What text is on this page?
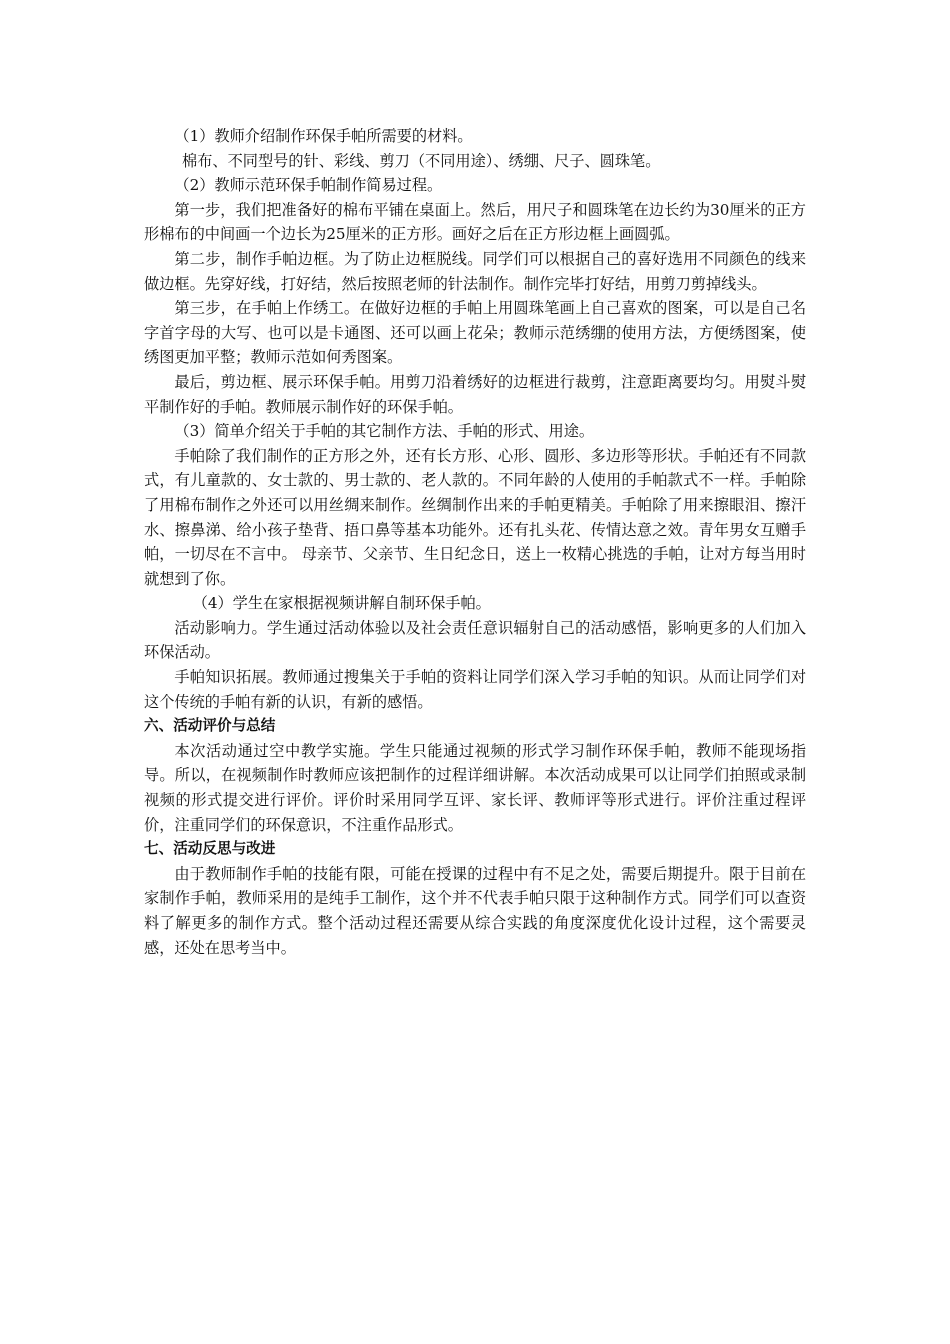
（1）教师介绍制作环保手帕所需要的材料。

棉布、不同型号的针、彩线、剪刀（不同用途）、绣绷、尺子、圆珠笔。

（2）教师示范环保手帕制作简易过程。

第一步，我们把准备好的棉布平铺在桌面上。然后，用尺子和圆珠笔在边长约为30厘米的正方形棉布的中间画一个边长为25厘米的正方形。画好之后在正方形边框上画圆弧。

第二步，制作手帕边框。为了防止边框脱线。同学们可以根据自己的喜好选用不同颜色的线来做边框。先穿好线，打好结，然后按照老师的针法制作。制作完毕打好结，用剪刀剪掉线头。

第三步，在手帕上作绣工。在做好边框的手帕上用圆珠笔画上自己喜欢的图案，可以是自己名字首字母的大写、也可以是卡通图、还可以画上花朵；教师示范绣绷的使用方法，方便绣图案，使绣图更加平整；教师示范如何秀图案。

最后，剪边框、展示环保手帕。用剪刀沿着绣好的边框进行裁剪，注意距离要均匀。用熨斗熨平制作好的手帕。教师展示制作好的环保手帕。

（3）简单介绍关于手帕的其它制作方法、手帕的形式、用途。

手帕除了我们制作的正方形之外，还有长方形、心形、圆形、多边形等形状。手帕还有不同款式，有儿童款的、女士款的、男士款的、老人款的。不同年龄的人使用的手帕款式不一样。手帕除了用棉布制作之外还可以用丝绸来制作。丝绸制作出来的手帕更精美。手帕除了用来擦眼泪、擦汗水、擦鼻涕、给小孩子垫背、捂口鼻等基本功能外。还有扎头花、传情达意之效。青年男女互赠手帕，一切尽在不言中。 母亲节、父亲节、生日纪念日，送上一枚精心挑选的手帕，让对方每当用时就想到了你。

（4）学生在家根据视频讲解自制环保手帕。

活动影响力。学生通过活动体验以及社会责任意识辐射自己的活动感悟，影响更多的人们加入环保活动。

手帕知识拓展。教师通过搜集关于手帕的资料让同学们深入学习手帕的知识。从而让同学们对这个传统的手帕有新的认识，有新的感悟。

六、活动评价与总结

本次活动通过空中教学实施。学生只能通过视频的形式学习制作环保手帕，教师不能现场指导。所以，在视频制作时教师应该把制作的过程详细讲解。本次活动成果可以让同学们拍照或录制视频的形式提交进行评价。评价时采用同学互评、家长评、教师评等形式进行。评价注重过程评价，注重同学们的环保意识，不注重作品形式。

七、活动反思与改进

由于教师制作手帕的技能有限，可能在授课的过程中有不足之处，需要后期提升。限于目前在家制作手帕，教师采用的是纯手工制作，这个并不代表手帕只限于这种制作方式。同学们可以查资料了解更多的制作方式。整个活动过程还需要从综合实践的角度深度优化设计过程，这个需要灵感，还处在思考当中。
